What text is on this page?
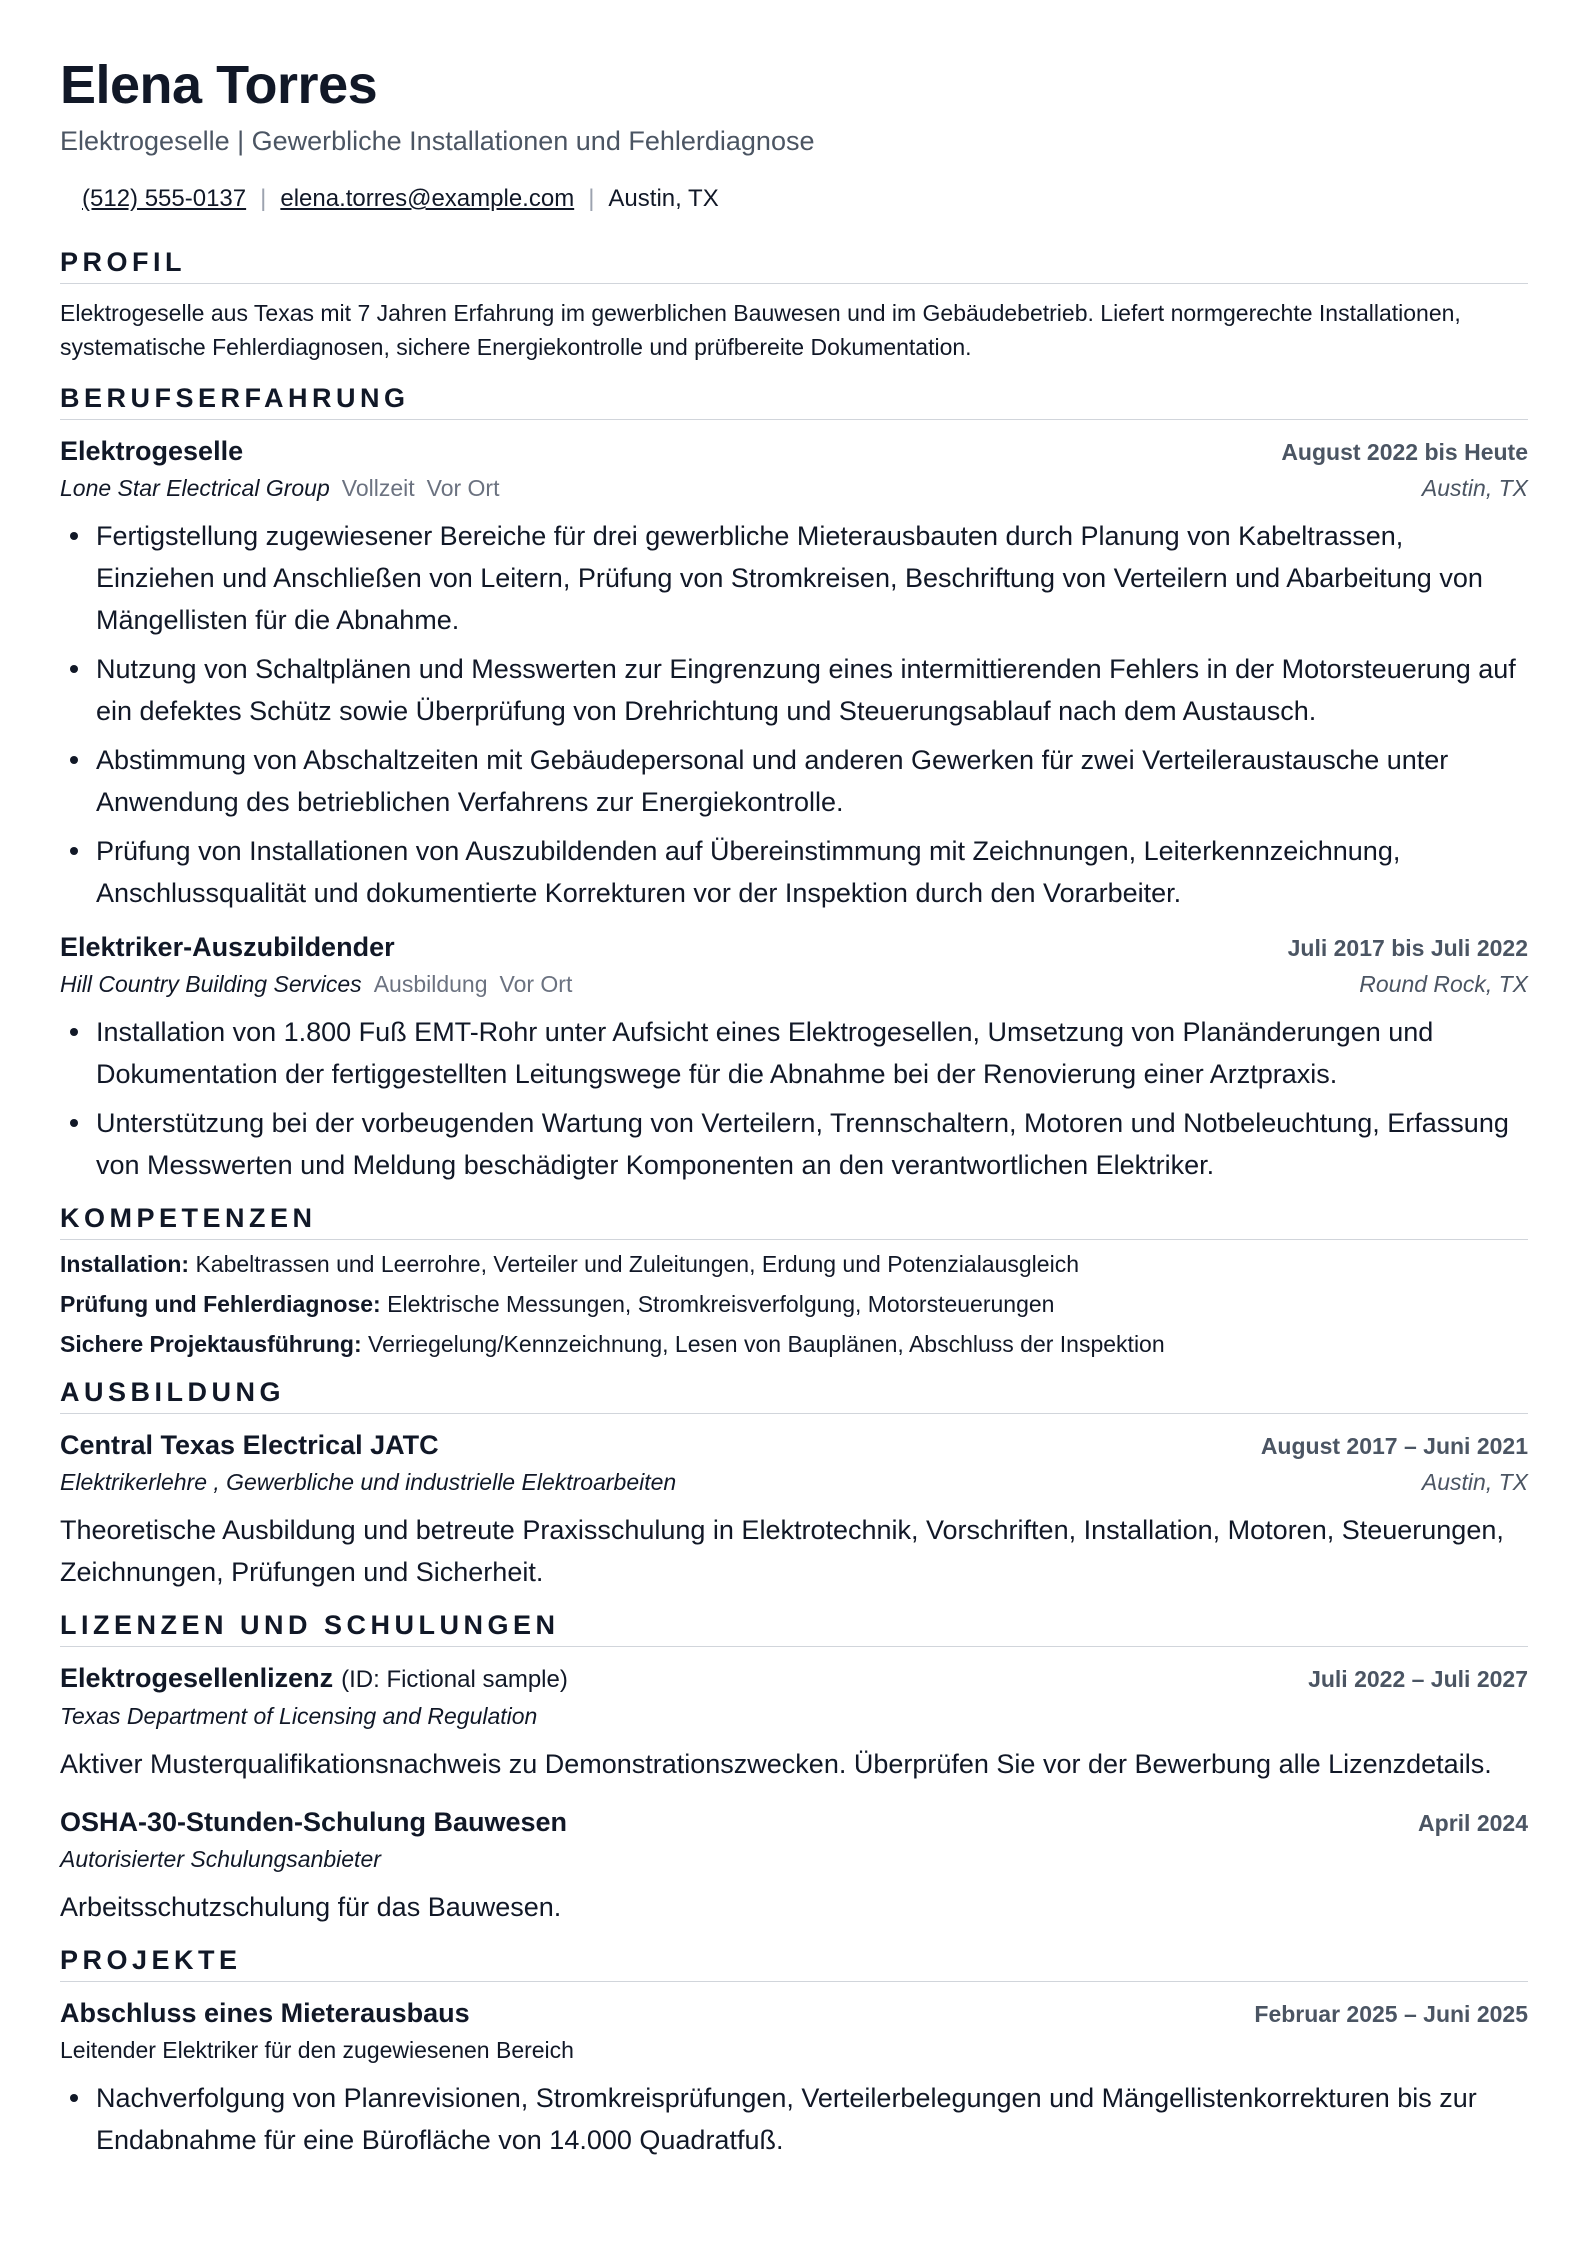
Elena Torres
Elektrogeselle | Gewerbliche Installationen und Fehlerdiagnose
(512) 555-0137 | elena.torres@example.com | Austin, TX
PROFIL
Elektrogeselle aus Texas mit 7 Jahren Erfahrung im gewerblichen Bauwesen und im Gebäudebetrieb. Liefert normgerechte Installationen, systematische Fehlerdiagnosen, sichere Energiekontrolle und prüfbereite Dokumentation.
BERUFSERFAHRUNG
Elektrogeselle	August 2022 bis Heute
Lone Star Electrical Group Vollzeit Vor Ort	Austin, TX
Fertigstellung zugewiesener Bereiche für drei gewerbliche Mieterausbauten durch Planung von Kabeltrassen, Einziehen und Anschließen von Leitern, Prüfung von Stromkreisen, Beschriftung von Verteilern und Abarbeitung von Mängellisten für die Abnahme.
Nutzung von Schaltplänen und Messwerten zur Eingrenzung eines intermittierenden Fehlers in der Motorsteuerung auf ein defektes Schütz sowie Überprüfung von Drehrichtung und Steuerungsablauf nach dem Austausch.
Abstimmung von Abschaltzeiten mit Gebäudepersonal und anderen Gewerken für zwei Verteileraustausche unter Anwendung des betrieblichen Verfahrens zur Energiekontrolle.
Prüfung von Installationen von Auszubildenden auf Übereinstimmung mit Zeichnungen, Leiterkennzeichnung, Anschlussqualität und dokumentierte Korrekturen vor der Inspektion durch den Vorarbeiter.
Elektriker-Auszubildender	Juli 2017 bis Juli 2022
Hill Country Building Services Ausbildung Vor Ort	Round Rock, TX
Installation von 1.800 Fuß EMT-Rohr unter Aufsicht eines Elektrogesellen, Umsetzung von Planänderungen und Dokumentation der fertiggestellten Leitungswege für die Abnahme bei der Renovierung einer Arztpraxis.
Unterstützung bei der vorbeugenden Wartung von Verteilern, Trennschaltern, Motoren und Notbeleuchtung, Erfassung von Messwerten und Meldung beschädigter Komponenten an den verantwortlichen Elektriker.
KOMPETENZEN
Installation: Kabeltrassen und Leerrohre, Verteiler und Zuleitungen, Erdung und Potenzialausgleich
Prüfung und Fehlerdiagnose: Elektrische Messungen, Stromkreisverfolgung, Motorsteuerungen
Sichere Projektausführung: Verriegelung/Kennzeichnung, Lesen von Bauplänen, Abschluss der Inspektion
AUSBILDUNG
Central Texas Electrical JATC	August 2017 – Juni 2021
Elektrikerlehre , Gewerbliche und industrielle Elektroarbeiten	Austin, TX
Theoretische Ausbildung und betreute Praxisschulung in Elektrotechnik, Vorschriften, Installation, Motoren, Steuerungen, Zeichnungen, Prüfungen und Sicherheit.
LIZENZEN UND SCHULUNGEN
Elektrogesellenlizenz (ID: Fictional sample)	Juli 2022 – Juli 2027
Texas Department of Licensing and Regulation
Aktiver Musterqualifikationsnachweis zu Demonstrationszwecken. Überprüfen Sie vor der Bewerbung alle Lizenzdetails.
OSHA-30-Stunden-Schulung Bauwesen	April 2024
Autorisierter Schulungsanbieter
Arbeitsschutzschulung für das Bauwesen.
PROJEKTE
Abschluss eines Mieterausbaus	Februar 2025 – Juni 2025
Leitender Elektriker für den zugewiesenen Bereich
Nachverfolgung von Planrevisionen, Stromkreisprüfungen, Verteilerbelegungen und Mängellistenkorrekturen bis zur Endabnahme für eine Bürofläche von 14.000 Quadratfuß.
